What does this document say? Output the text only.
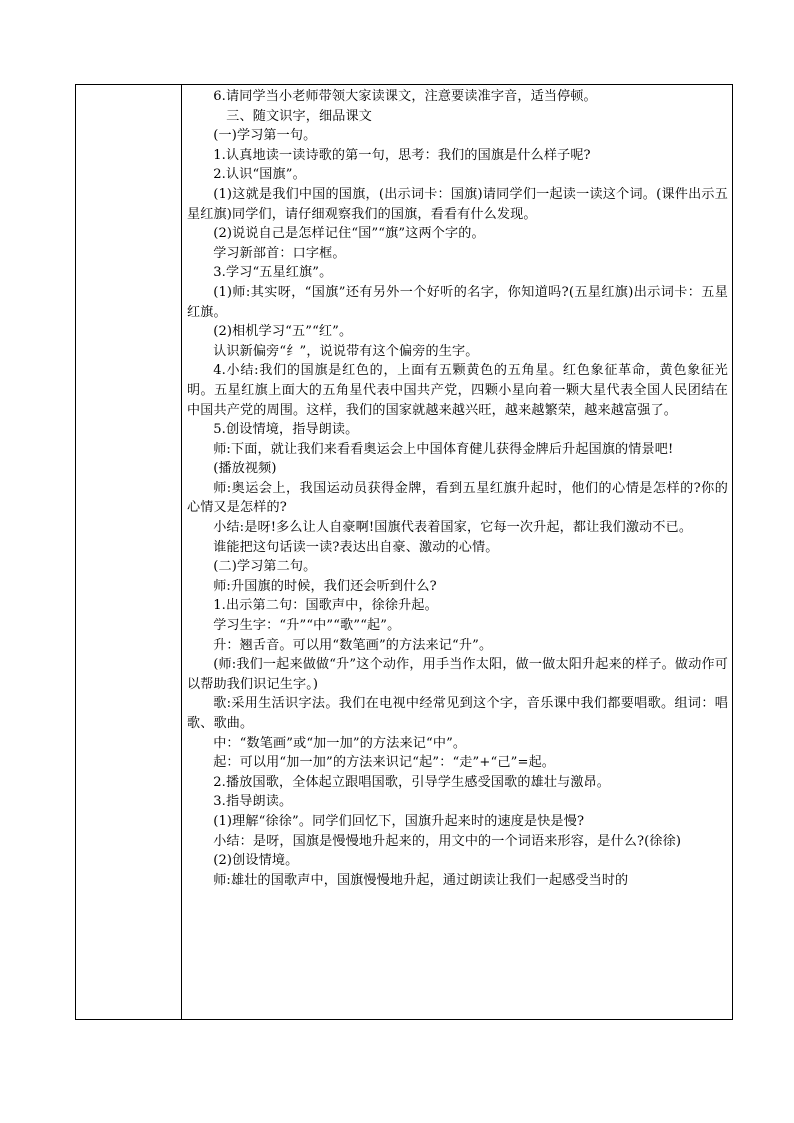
6.请同学当小老师带领大家读课文，注意要读准字音，适当停顿。

三、随文识字，细品课文

(一)学习第一句。

1.认真地读一读诗歌的第一句，思考：我们的国旗是什么样子呢?

2.认识“国旗”。

(1)这就是我们中国的国旗，(出示词卡：国旗)请同学们一起读一读这个词。(课件出示五星红旗)同学们，请仔细观察我们的国旗，看看有什么发现。

(2)说说自己是怎样记住“国”“旗”这两个字的。

学习新部首：口字框。

3.学习“五星红旗”。

(1)师:其实呀，“国旗”还有另外一个好听的名字，你知道吗?(五星红旗)出示词卡：五星红旗。

(2)相机学习“五”“红”。

认识新偏旁“纟”，说说带有这个偏旁的生字。

4.小结:我们的国旗是红色的，上面有五颗黄色的五角星。红色象征革命，黄色象征光明。五星红旗上面大的五角星代表中国共产党，四颗小星向着一颗大星代表全国人民团结在中国共产党的周围。这样，我们的国家就越来越兴旺，越来越繁荣，越来越富强了。

5.创设情境，指导朗读。

师:下面，就让我们来看看奥运会上中国体育健儿获得金牌后升起国旗的情景吧!

(播放视频)

师:奥运会上，我国运动员获得金牌，看到五星红旗升起时，他们的心情是怎样的?你的心情又是怎样的?

小结:是呀!多么让人自豪啊!国旗代表着国家，它每一次升起，都让我们激动不已。

谁能把这句话读一读?表达出自豪、激动的心情。

(二)学习第二句。

师:升国旗的时候，我们还会听到什么?

1.出示第二句：国歌声中，徐徐升起。

学习生字：“升”“中”“歌”“起”。

升：翘舌音。可以用“数笔画”的方法来记“升”。

(师:我们一起来做做“升”这个动作，用手当作太阳，做一做太阳升起来的样子。做动作可以帮助我们识记生字。)

歌:采用生活识字法。我们在电视中经常见到这个字，音乐课中我们都要唱歌。组词：唱歌、歌曲。

中：“数笔画”或“加一加”的方法来记“中”。

起：可以用“加一加”的方法来识记“起”：“走”+“己”=起。

2.播放国歌，全体起立跟唱国歌，引导学生感受国歌的雄壮与激昂。

3.指导朗读。

(1)理解“徐徐”。同学们回忆下，国旗升起来时的速度是快是慢?

小结：是呀，国旗是慢慢地升起来的，用文中的一个词语来形容，是什么?(徐徐)

(2)创设情境。

师:雄壮的国歌声中，国旗慢慢地升起，通过朗读让我们一起感受当时的
